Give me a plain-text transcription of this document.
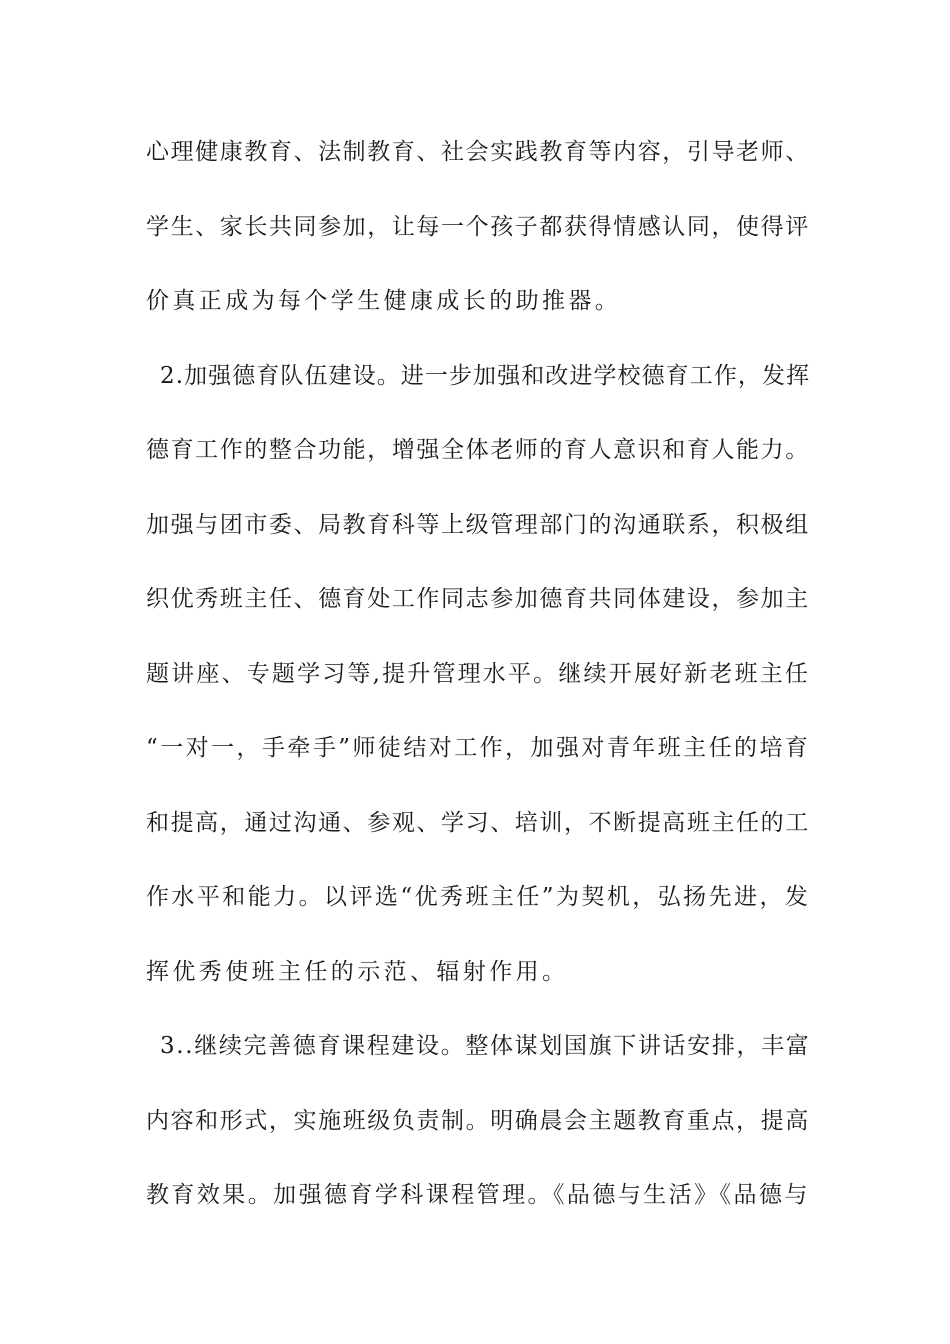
心理健康教育、法制教育、社会实践教育等内容，引导老师、
学生、家长共同参加，让每一个孩子都获得情感认同，使得评
价真正成为每个学生健康成长的助推器。
2.加强德育队伍建设。进一步加强和改进学校德育工作，发挥
德育工作的整合功能，增强全体老师的育人意识和育人能力。
加强与团市委、局教育科等上级管理部门的沟通联系，积极组
织优秀班主任、德育处工作同志参加德育共同体建设，参加主
题讲座、专题学习等,提升管理水平。继续开展好新老班主任
“一对一，手牵手”师徒结对工作，加强对青年班主任的培育
和提高，通过沟通、参观、学习、培训，不断提高班主任的工
作水平和能力。以评选“优秀班主任”为契机，弘扬先进，发
挥优秀使班主任的示范、辐射作用。
3..继续完善德育课程建设。整体谋划国旗下讲话安排，丰富
内容和形式，实施班级负责制。明确晨会主题教育重点，提高
教育效果。加强德育学科课程管理。《品德与生活》《品德与
